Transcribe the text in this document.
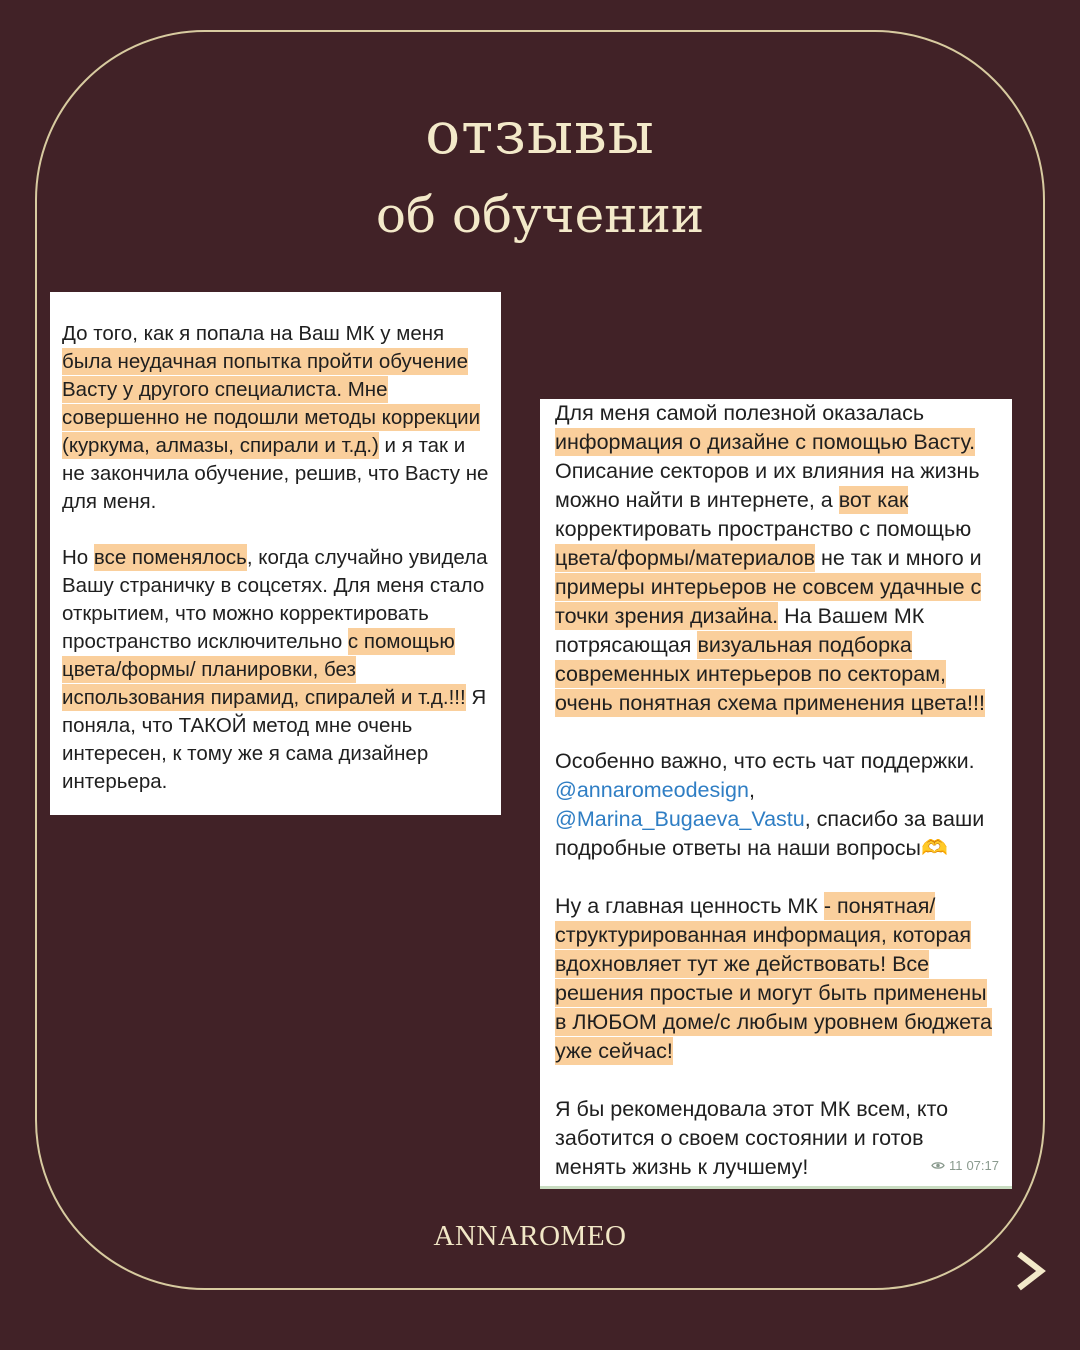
отзывы
об обучении

До того, как я попала на Ваш МК у меня была неудачная попытка пройти обучение Васту у другого специалиста. Мне совершенно не подошли методы коррекции (куркума, алмазы, спирали и т.д.) и я так и не закончила обучение, решив, что Васту не для меня.

Но все поменялось, когда случайно увидела Вашу страничку в соцсетях. Для меня стало открытием, что можно корректировать пространство исключительно с помощью цвета/формы/ планировки, без использования пирамид, спиралей и т.д.!!! Я поняла, что ТАКОЙ метод мне очень интересен, к тому же я сама дизайнер интерьера.

Для меня самой полезной оказалась информация о дизайне с помощью Васту. Описание секторов и их влияния на жизнь можно найти в интернете, а вот как корректировать пространство с помощью цвета/формы/материалов не так и много и примеры интерьеров не совсем удачные с точки зрения дизайна. На Вашем МК потрясающая визуальная подборка современных интерьеров по секторам, очень понятная схема применения цвета!!!

Особенно важно, что есть чат поддержки. @annaromeodesign, @Marina_Bugaeva_Vastu, спасибо за ваши подробные ответы на наши вопросы🫶

Ну а главная ценность МК - понятная/ структурированная информация, которая вдохновляет тут же действовать! Все решения простые и могут быть применены в ЛЮБОМ доме/с любым уровнем бюджета уже сейчас!

Я бы рекомендовала этот МК всем, кто заботится о своем состоянии и готов менять жизнь к лучшему!	11 07:17
ANNAROMEO
